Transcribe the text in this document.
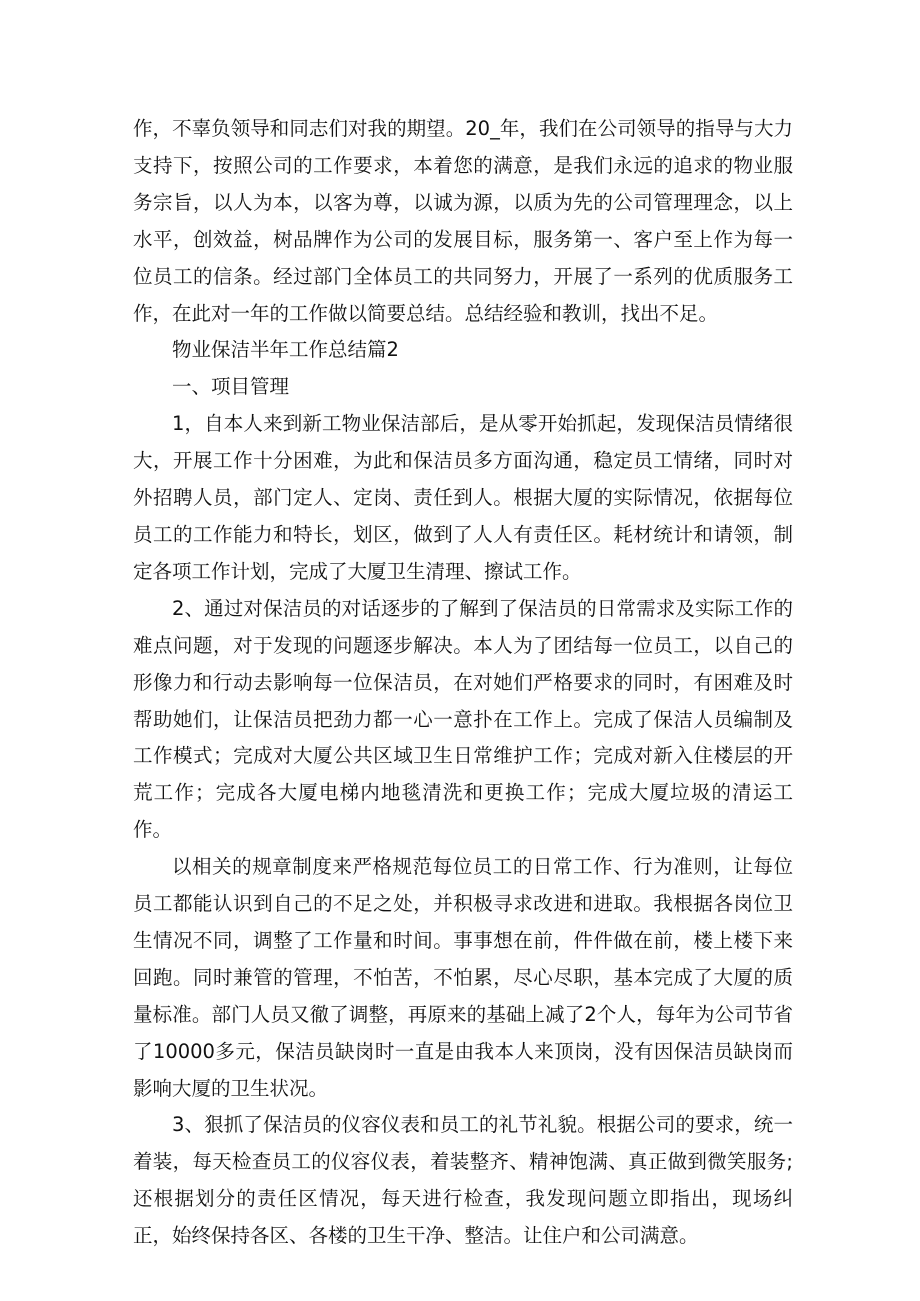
作，不辜负领导和同志们对我的期望。20_年，我们在公司领导的指导与大力支持下，按照公司的工作要求，本着您的满意，是我们永远的追求的物业服务宗旨，以人为本，以客为尊，以诚为源，以质为先的公司管理理念，以上水平，创效益，树品牌作为公司的发展目标，服务第一、客户至上作为每一位员工的信条。经过部门全体员工的共同努力，开展了一系列的优质服务工作，在此对一年的工作做以简要总结。总结经验和教训，找出不足。

物业保洁半年工作总结篇2

一、项目管理

1，自本人来到新工物业保洁部后，是从零开始抓起，发现保洁员情绪很大，开展工作十分困难，为此和保洁员多方面沟通，稳定员工情绪，同时对外招聘人员，部门定人、定岗、责任到人。根据大厦的实际情况，依据每位员工的工作能力和特长，划区，做到了人人有责任区。耗材统计和请领，制定各项工作计划，完成了大厦卫生清理、擦试工作。

2、通过对保洁员的对话逐步的了解到了保洁员的日常需求及实际工作的难点问题，对于发现的问题逐步解决。本人为了团结每一位员工，以自己的形像力和行动去影响每一位保洁员，在对她们严格要求的同时，有困难及时帮助她们，让保洁员把劲力都一心一意扑在工作上。完成了保洁人员编制及工作模式；完成对大厦公共区域卫生日常维护工作；完成对新入住楼层的开荒工作；完成各大厦电梯内地毯清洗和更换工作；完成大厦垃圾的清运工作。

以相关的规章制度来严格规范每位员工的日常工作、行为准则，让每位员工都能认识到自己的不足之处，并积极寻求改进和进取。我根据各岗位卫生情况不同，调整了工作量和时间。事事想在前，件件做在前，楼上楼下来回跑。同时兼管的管理，不怕苦，不怕累，尽心尽职，基本完成了大厦的质量标准。部门人员又徹了调整，再原来的基础上减了2个人，每年为公司节省了10000多元，保洁员缺岗时一直是由我本人来顶岗，没有因保洁员缺岗而影响大厦的卫生状况。

3、狠抓了保洁员的仪容仪表和员工的礼节礼貌。根据公司的要求，统一着装，每天检查员工的仪容仪表，着装整齐、精神饱满、真正做到微笑服务;还根据划分的责任区情况，每天进行检查，我发现问题立即指出，现场纠正，始终保持各区、各楼的卫生干净、整洁。让住户和公司满意。
